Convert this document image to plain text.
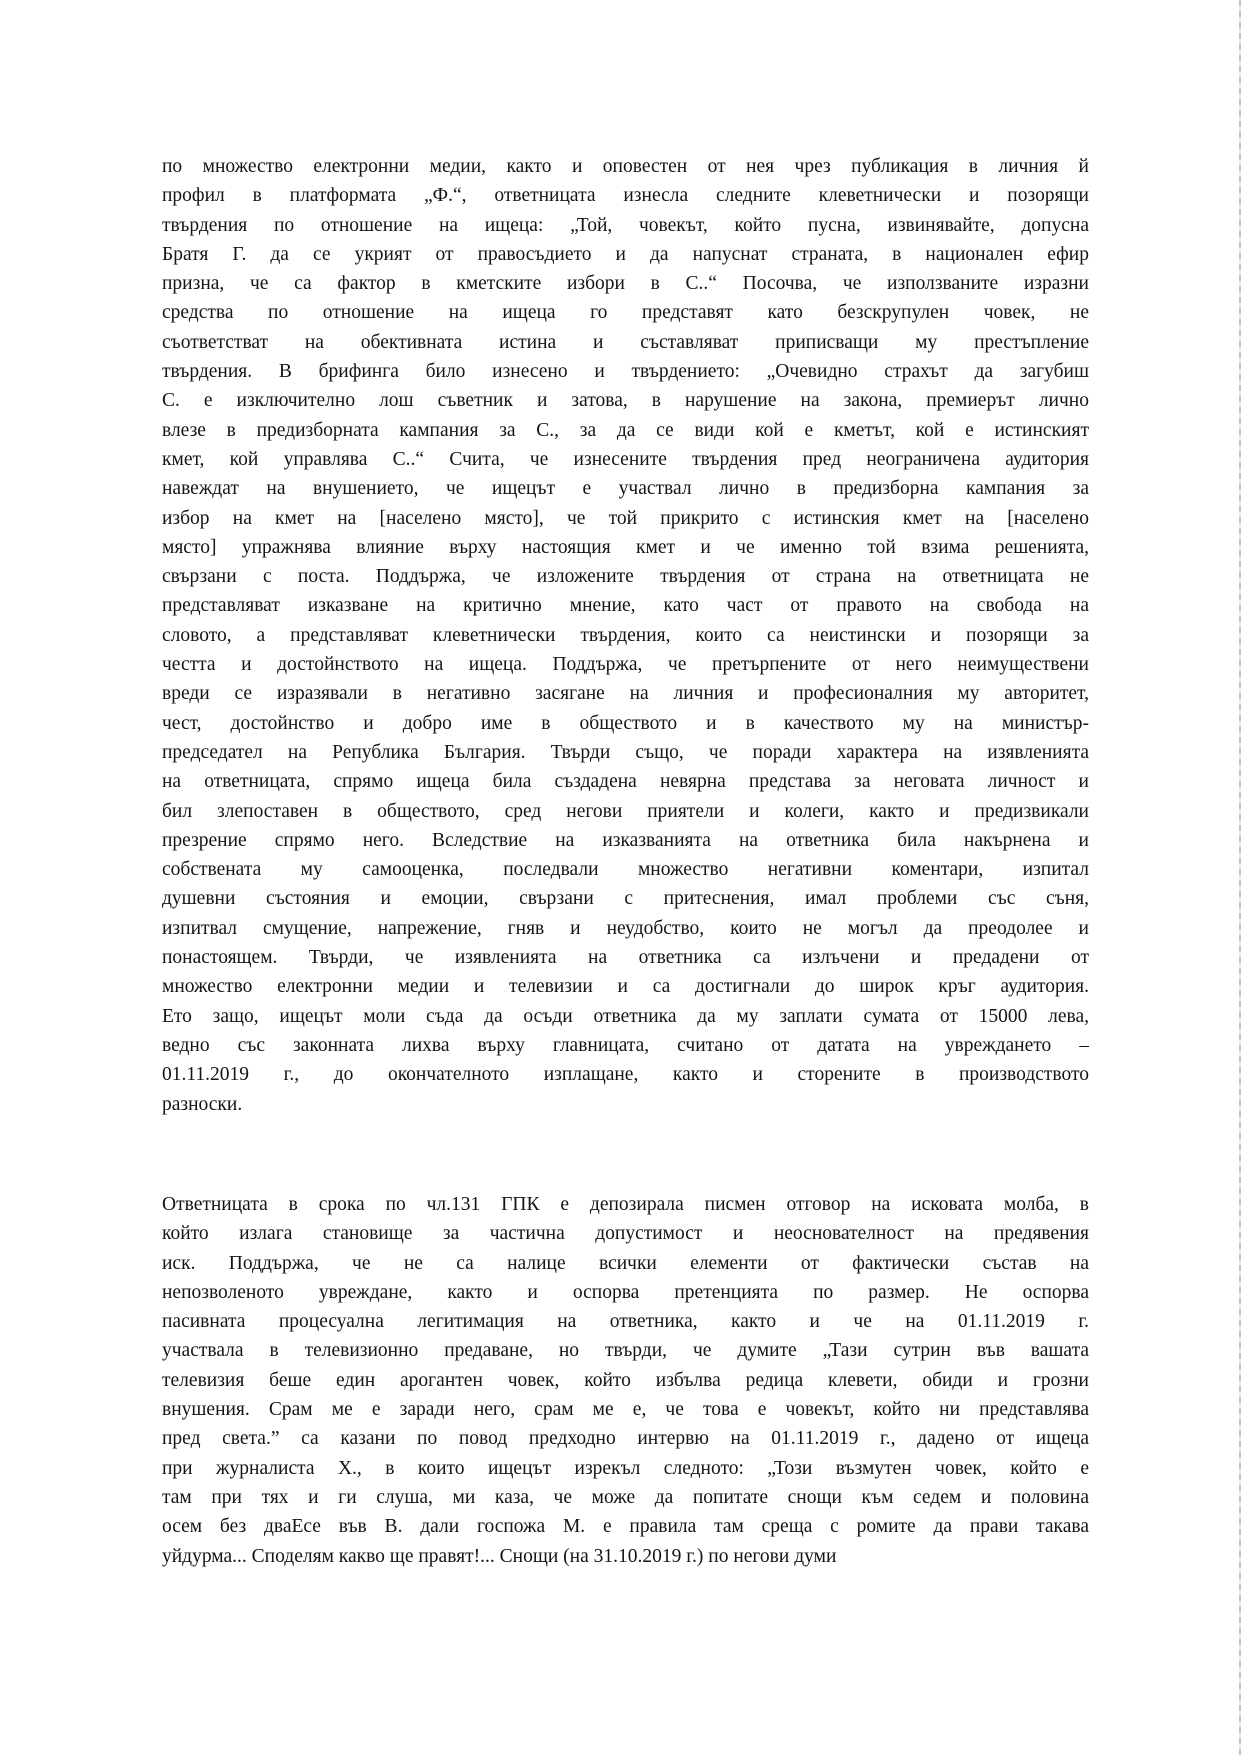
по множество електронни медии, както и оповестен от нея чрез публикация в личния й
профил в платформата „Ф.“, ответницата изнесла следните клеветнически и позорящи
твърдения по отношение на ищеца: „Той, човекът, който пусна, извинявайте, допусна
Братя Г. да се укрият от правосъдието и да напуснат страната, в национален ефир
призна, че са фактор в кметските избори в С..“ Посочва, че използваните изразни
средства по отношение на ищеца го представят като безскрупулен човек, не
съответстват на обективната истина и съставляват приписващи му престъпление
твърдения. В брифинга било изнесено и твърдението: „Очевидно страхът да загубиш
С. е изключително лош съветник и затова, в нарушение на закона, премиерът лично
влезе в предизборната кампания за С., за да се види кой е кметът, кой е истинският
кмет, кой управлява С..“ Счита, че изнесените твърдения пред неограничена аудитория
навеждат на внушението, че ищецът е участвал лично в предизборна кампания за
избор на кмет на [населено място], че той прикрито с истинския кмет на [населено
място] упражнява влияние върху настоящия кмет и че именно той взима решенията,
свързани с поста. Поддържа, че изложените твърдения от страна на ответницата не
представляват изказване на критично мнение, като част от правото на свобода на
словото, а представляват клеветнически твърдения, които са неистински и позорящи за
честта и достойнството на ищеца. Поддържа, че претърпените от него неимуществени
вреди се изразявали в негативно засягане на личния и професионалния му авторитет,
чест, достойнство и добро име в обществото и в качеството му на министър-
председател на Република България. Твърди също, че поради характера на изявленията
на ответницата, спрямо ищеца била създадена невярна представа за неговата личност и
бил злепоставен в обществото, сред негови приятели и колеги, както и предизвикали
презрение спрямо него. Вследствие на изказванията на ответника била накърнена и
собствената му самооценка, последвали множество негативни коментари, изпитал
душевни състояния и емоции, свързани с притеснения, имал проблеми със съня,
изпитвал смущение, напрежение, гняв и неудобство, които не могъл да преодолее и
понастоящем. Твърди, че изявленията на ответника са излъчени и предадени от
множество електронни медии и телевизии и са достигнали до широк кръг аудитория.
Ето защо, ищецът моли съда да осъди ответника да му заплати сумата от 15000 лева,
ведно със законната лихва върху главницата, считано от датата на увреждането –
01.11.2019 г., до окончателното изплащане, както и сторените в производството
разноски.
Ответницата в срока по чл.131 ГПК е депозирала писмен отговор на исковата молба, в
който излага становище за частична допустимост и неоснователност на предявения
иск. Поддържа, че не са налице всички елементи от фактически състав на
непозволеното увреждане, както и оспорва претенцията по размер. Не оспорва
пасивната процесуална легитимация на ответника, както и че на 01.11.2019 г.
участвала в телевизионно предаване, но твърди, че думите „Тази сутрин във вашата
телевизия беше един арогантен човек, който избълва редица клевети, обиди и грозни
внушения. Срам ме е заради него, срам ме е, че това е човекът, който ни представлява
пред света.” са казани по повод предходно интервю на 01.11.2019 г., дадено от ищеца
при журналиста Х., в които ищецът изрекъл следното: „Този възмутен човек, който е
там при тях и ги слуша, ми каза, че може да попитате снощи към седем и половина
осем без дваЕсе във В. дали госпожа М. е правила там среща с ромите да прави такава
уйдурма... Споделям какво ще правят!... Снощи (на 31.10.2019 г.) по негови думи
